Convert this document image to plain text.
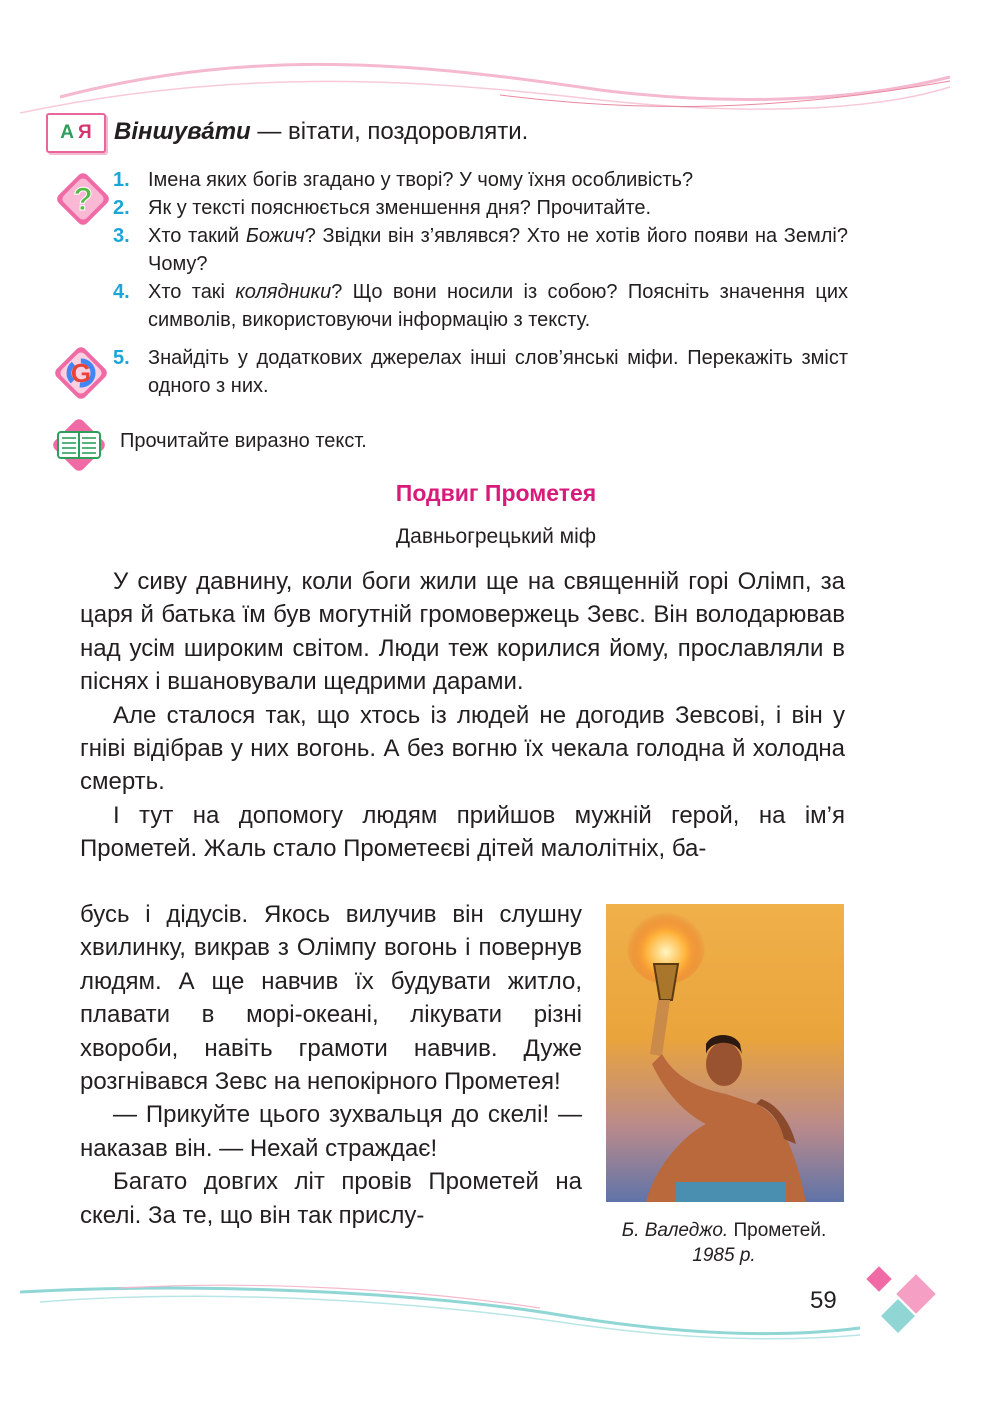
А Я Віншува́ти — вітати, поздоровляти.
?
1. Імена яких богів згадано у творі? У чому їхня особливість?
2. Як у тексті пояснюється зменшення дня? Прочитайте.
3. Хто такий Божич? Звідки він з’являвся? Хто не хотів його появи на Землі? Чому?
4. Хто такі колядники? Що вони носили із собою? Поясніть значення цих символів, використовуючи інформацію з тексту.
G 5. Знайдіть у додаткових джерелах інші слов’янські міфи. Перекажіть зміст одного з них.
Прочитайте виразно текст.
Подвиг Прометея
Давньогрецький міф

У сиву давнину, коли боги жили ще на священній горі Олімп, за царя й батька їм був могутній громовержець Зевс. Він володарював над усім широким світом. Люди теж корилися йому, прославляли в піснях і вшановували щедрими дарами.

Але сталося так, що хтось із людей не догодив Зевсові, і він у гніві відібрав у них вогонь. А без вогню їх чекала голодна й холодна смерть.

І тут на допомогу людям прийшов мужній герой, на ім’я Прометей. Жаль стало Прометеєві дітей малолітніх, ба-

бусь і дідусів. Якось вилучив він слушну хвилинку, викрав з Олімпу вогонь і повернув людям. А ще навчив їх будувати житло, плавати в морі-океані, лікувати різні хвороби, навіть грамоти навчив. Дуже розгнівався Зевс на непокірного Прометея!

— Прикуйте цього зухвальця до скелі! — наказав він. — Нехай страждає!

Багато довгих літ провів Прометей на скелі. За те, що він так прислу-

Б. Валеджо. Прометей.
1985 р.
59
